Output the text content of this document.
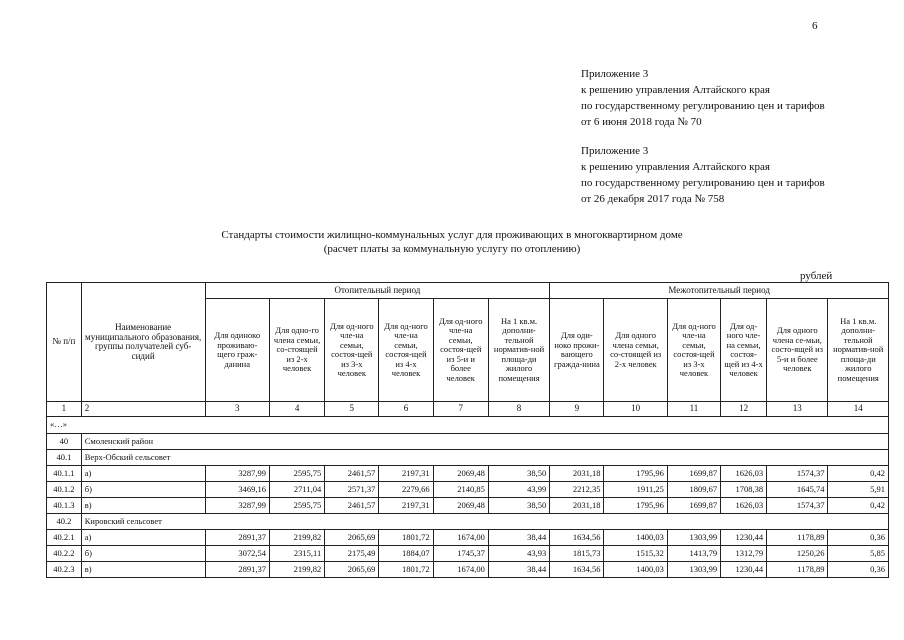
6
Приложение 3
к решению управления Алтайского края
по государственному регулированию цен и тарифов
от 6 июня 2018 года № 70
Приложение 3
к решению управления Алтайского края
по государственному регулированию цен и тарифов
от 26 декабря 2017 года № 758
Стандарты стоимости жилищно-коммунальных услуг для проживающих в многоквартирном доме
(расчет платы за коммунальную услугу по отоплению)
рублей
№ п/п	Наименование муниципального образования, группы получателей суб-сидий	Отопительный период						Межотопительный период					
		Для одиноко проживаю-щего граж-данина	Для одно-го члена семьи, со-стоящей из 2-х человек	Для од-ного чле-на семьи, состоя-щей из 3-х человек	Для од-ного чле-на семьи, состоя-щей из 4-х человек	Для од-ного чле-на семьи, состоя-щей из 5-и и более человек	На 1 кв.м. дополни-тельной норматив-ной площа-ди жилого помещения	Для оди-ноко прожи-вающего гражда-нина	Для одного члена семьи, со-стоящей из 2-х человек	Для од-ного чле-на семьи, состоя-щей из 3-х человек	Для од-ного чле-на семьи, состоя-щей из 4-х человек	Для одного члена се-мьи, состо-ящей из 5-и и более человек	На 1 кв.м. дополни-тельной норматив-ной площа-ди жилого помещения
1	2	3	4	5	6	7	8	9	10	11	12	13	14
«…»													
40	Смоленский район												
40.1	Верх-Обский сельсовет												
40.1.1	а)	3287,99	2595,75	2461,57	2197,31	2069,48	38,50	2031,18	1795,96	1699,87	1626,03	1574,37	0,42
40.1.2	б)	3469,16	2711,04	2571,37	2279,66	2140,85	43,99	2212,35	1911,25	1809,67	1708,38	1645,74	5,91
40.1.3	в)	3287,99	2595,75	2461,57	2197,31	2069,48	38,50	2031,18	1795,96	1699,87	1626,03	1574,37	0,42
40.2	Кировский сельсовет												
40.2.1	а)	2891,37	2199,82	2065,69	1801,72	1674,00	38,44	1634,56	1400,03	1303,99	1230,44	1178,89	0,36
40.2.2	б)	3072,54	2315,11	2175,49	1884,07	1745,37	43,93	1815,73	1515,32	1413,79	1312,79	1250,26	5,85
40.2.3	в)	2891,37	2199,82	2065,69	1801,72	1674,00	38,44	1634,56	1400,03	1303,99	1230,44	1178,89	0,36
